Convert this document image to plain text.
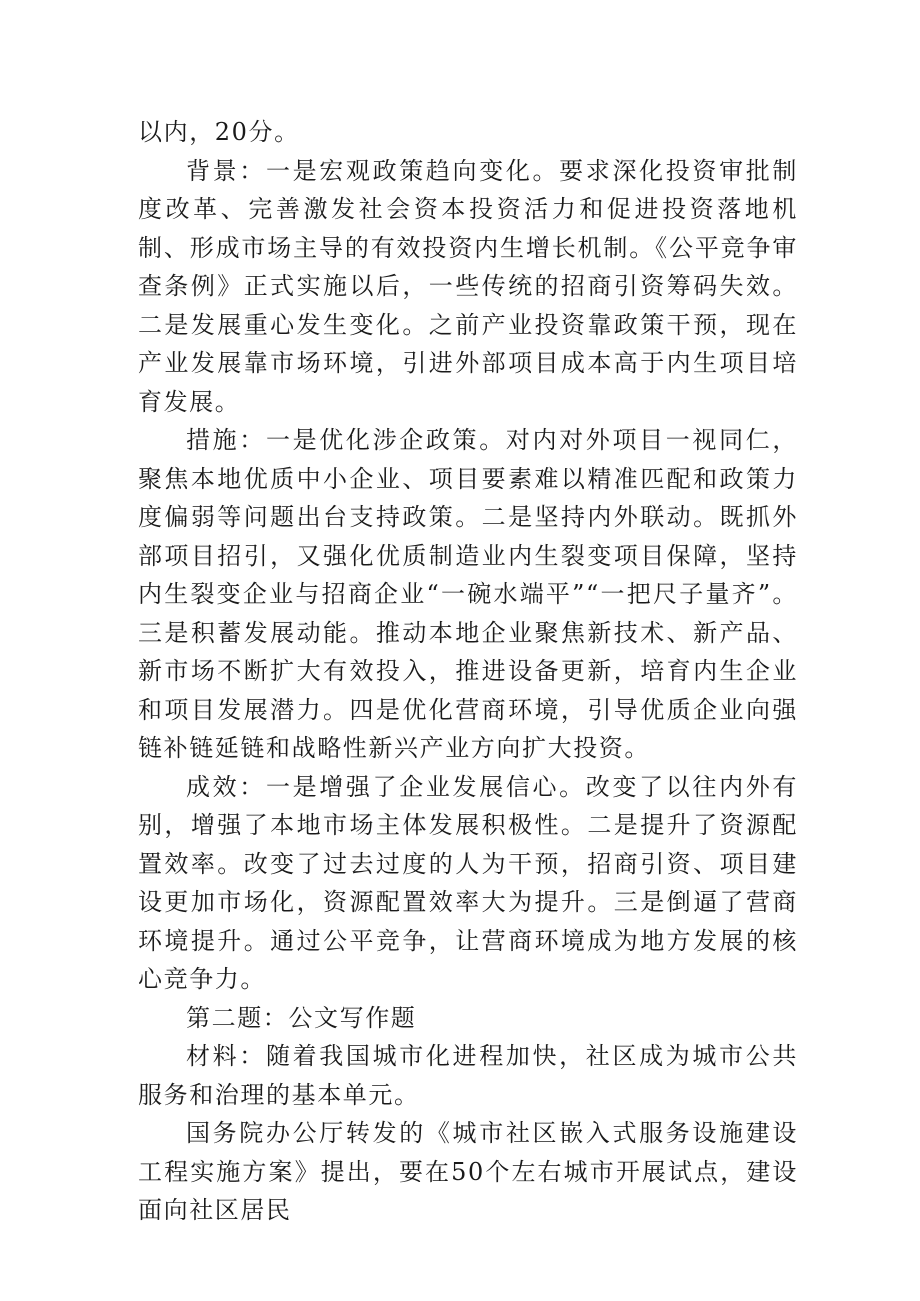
以内，20分。

背景：一是宏观政策趋向变化。要求深化投资审批制度改革、完善激发社会资本投资活力和促进投资落地机制、形成市场主导的有效投资内生增长机制。《公平竞争审查条例》正式实施以后，一些传统的招商引资筹码失效。二是发展重心发生变化。之前产业投资靠政策干预，现在产业发展靠市场环境，引进外部项目成本高于内生项目培育发展。

措施：一是优化涉企政策。对内对外项目一视同仁，聚焦本地优质中小企业、项目要素难以精准匹配和政策力度偏弱等问题出台支持政策。二是坚持内外联动。既抓外部项目招引，又强化优质制造业内生裂变项目保障，坚持内生裂变企业与招商企业“一碗水端平”“一把尺子量齐”。三是积蓄发展动能。推动本地企业聚焦新技术、新产品、新市场不断扩大有效投入，推进设备更新，培育内生企业和项目发展潜力。四是优化营商环境，引导优质企业向强链补链延链和战略性新兴产业方向扩大投资。

成效：一是增强了企业发展信心。改变了以往内外有别，增强了本地市场主体发展积极性。二是提升了资源配置效率。改变了过去过度的人为干预，招商引资、项目建设更加市场化，资源配置效率大为提升。三是倒逼了营商环境提升。通过公平竞争，让营商环境成为地方发展的核心竞争力。

第二题：公文写作题

材料：随着我国城市化进程加快，社区成为城市公共服务和治理的基本单元。

国务院办公厅转发的《城市社区嵌入式服务设施建设工程实施方案》提出，要在50个左右城市开展试点，建设面向社区居民
